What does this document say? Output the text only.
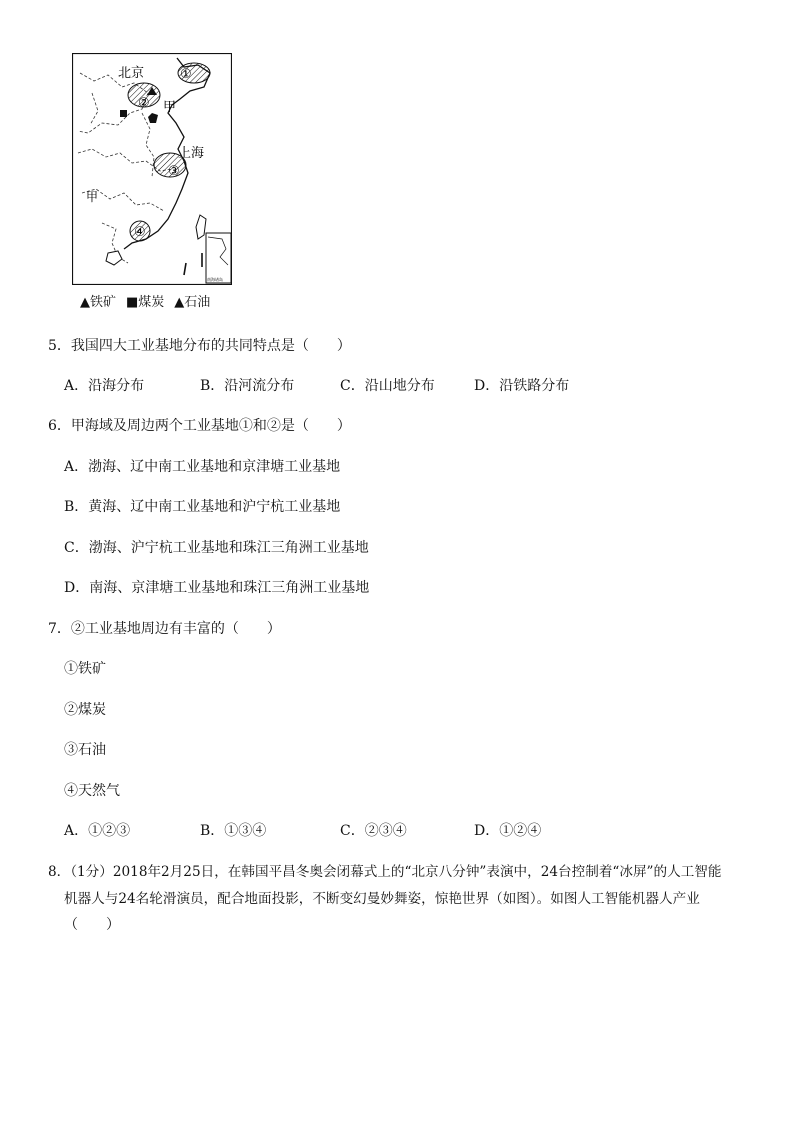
北京
甲
上海
甲
①
②
③
④
南海诸岛
▲铁矿 ■煤炭 ▲石油
5．我国四大工业基地分布的共同特点是（　　）
A．沿海分布	B．沿河流分布	C．沿山地分布	D．沿铁路分布
6．甲海域及周边两个工业基地①和②是（　　）
A．渤海、辽中南工业基地和京津塘工业基地
B．黄海、辽中南工业基地和沪宁杭工业基地
C．渤海、沪宁杭工业基地和珠江三角洲工业基地
D．南海、京津塘工业基地和珠江三角洲工业基地
7．②工业基地周边有丰富的（　　）
①铁矿
②煤炭
③石油
④天然气
A．①②③	B．①③④	C．②③④	D．①②④
8．（1分）2018年2月25日，在韩国平昌冬奥会闭幕式上的“北京八分钟”表演中，24台控制着“冰屏”的人工智能
机器人与24名轮滑演员，配合地面投影，不断变幻曼妙舞姿，惊艳世界（如图）。如图人工智能机器人产业
（　　）
